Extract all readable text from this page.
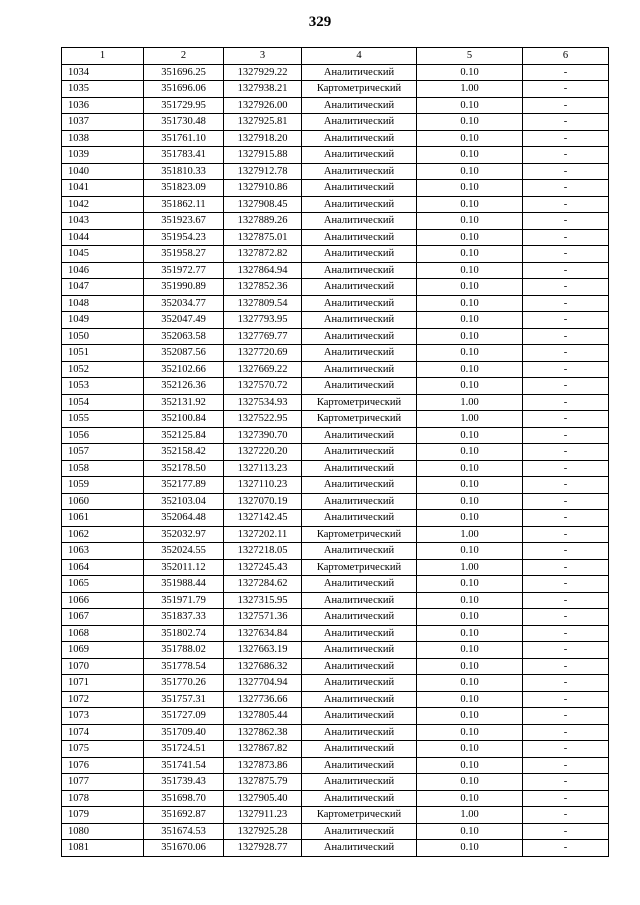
329
1	2	3	4	5	6
1034	351696.25	1327929.22	Аналитический	0.10	-
1035	351696.06	1327938.21	Картометрический	1.00	-
1036	351729.95	1327926.00	Аналитический	0.10	-
1037	351730.48	1327925.81	Аналитический	0.10	-
1038	351761.10	1327918.20	Аналитический	0.10	-
1039	351783.41	1327915.88	Аналитический	0.10	-
1040	351810.33	1327912.78	Аналитический	0.10	-
1041	351823.09	1327910.86	Аналитический	0.10	-
1042	351862.11	1327908.45	Аналитический	0.10	-
1043	351923.67	1327889.26	Аналитический	0.10	-
1044	351954.23	1327875.01	Аналитический	0.10	-
1045	351958.27	1327872.82	Аналитический	0.10	-
1046	351972.77	1327864.94	Аналитический	0.10	-
1047	351990.89	1327852.36	Аналитический	0.10	-
1048	352034.77	1327809.54	Аналитический	0.10	-
1049	352047.49	1327793.95	Аналитический	0.10	-
1050	352063.58	1327769.77	Аналитический	0.10	-
1051	352087.56	1327720.69	Аналитический	0.10	-
1052	352102.66	1327669.22	Аналитический	0.10	-
1053	352126.36	1327570.72	Аналитический	0.10	-
1054	352131.92	1327534.93	Картометрический	1.00	-
1055	352100.84	1327522.95	Картометрический	1.00	-
1056	352125.84	1327390.70	Аналитический	0.10	-
1057	352158.42	1327220.20	Аналитический	0.10	-
1058	352178.50	1327113.23	Аналитический	0.10	-
1059	352177.89	1327110.23	Аналитический	0.10	-
1060	352103.04	1327070.19	Аналитический	0.10	-
1061	352064.48	1327142.45	Аналитический	0.10	-
1062	352032.97	1327202.11	Картометрический	1.00	-
1063	352024.55	1327218.05	Аналитический	0.10	-
1064	352011.12	1327245.43	Картометрический	1.00	-
1065	351988.44	1327284.62	Аналитический	0.10	-
1066	351971.79	1327315.95	Аналитический	0.10	-
1067	351837.33	1327571.36	Аналитический	0.10	-
1068	351802.74	1327634.84	Аналитический	0.10	-
1069	351788.02	1327663.19	Аналитический	0.10	-
1070	351778.54	1327686.32	Аналитический	0.10	-
1071	351770.26	1327704.94	Аналитический	0.10	-
1072	351757.31	1327736.66	Аналитический	0.10	-
1073	351727.09	1327805.44	Аналитический	0.10	-
1074	351709.40	1327862.38	Аналитический	0.10	-
1075	351724.51	1327867.82	Аналитический	0.10	-
1076	351741.54	1327873.86	Аналитический	0.10	-
1077	351739.43	1327875.79	Аналитический	0.10	-
1078	351698.70	1327905.40	Аналитический	0.10	-
1079	351692.87	1327911.23	Картометрический	1.00	-
1080	351674.53	1327925.28	Аналитический	0.10	-
1081	351670.06	1327928.77	Аналитический	0.10	-
